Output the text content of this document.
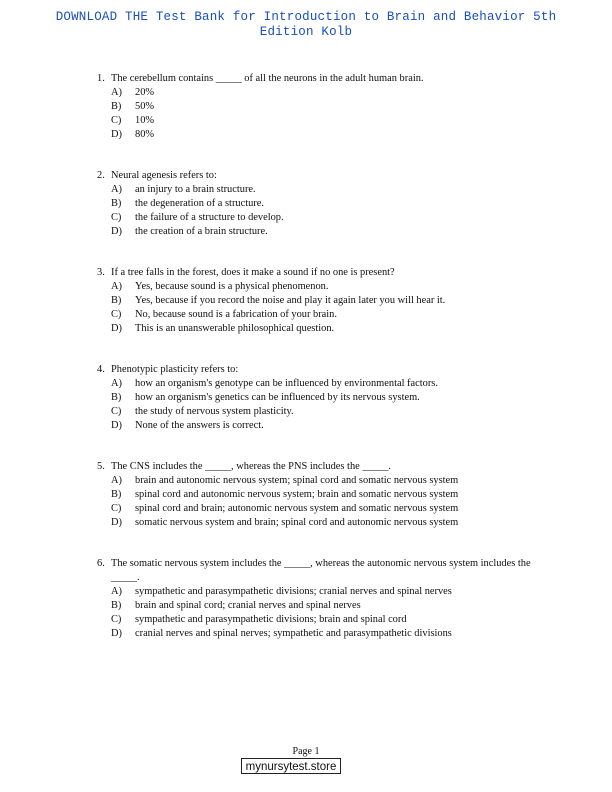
DOWNLOAD THE Test Bank for Introduction to Brain and Behavior 5th
Edition Kolb
1. The cerebellum contains _____ of all the neurons in the adult human brain.
A)	20%
B)	50%
C)	10%
D)	80%
2. Neural agenesis refers to:
A)	an injury to a brain structure.
B)	the degeneration of a structure.
C)	the failure of a structure to develop.
D)	the creation of a brain structure.
3. If a tree falls in the forest, does it make a sound if no one is present?
A)	Yes, because sound is a physical phenomenon.
B)	Yes, because if you record the noise and play it again later you will hear it.
C)	No, because sound is a fabrication of your brain.
D)	This is an unanswerable philosophical question.
4. Phenotypic plasticity refers to:
A)	how an organism's genotype can be influenced by environmental factors.
B)	how an organism's genetics can be influenced by its nervous system.
C)	the study of nervous system plasticity.
D)	None of the answers is correct.
5. The CNS includes the _____, whereas the PNS includes the _____.
A)	brain and autonomic nervous system; spinal cord and somatic nervous system
B)	spinal cord and autonomic nervous system; brain and somatic nervous system
C)	spinal cord and brain; autonomic nervous system and somatic nervous system
D)	somatic nervous system and brain; spinal cord and autonomic nervous system
6. The somatic nervous system includes the _____, whereas the autonomic nervous system includes the _____.
A)	sympathetic and parasympathetic divisions; cranial nerves and spinal nerves
B)	brain and spinal cord; cranial nerves and spinal nerves
C)	sympathetic and parasympathetic divisions; brain and spinal cord
D)	cranial nerves and spinal nerves; sympathetic and parasympathetic divisions
Page 1
mynursytest.store
